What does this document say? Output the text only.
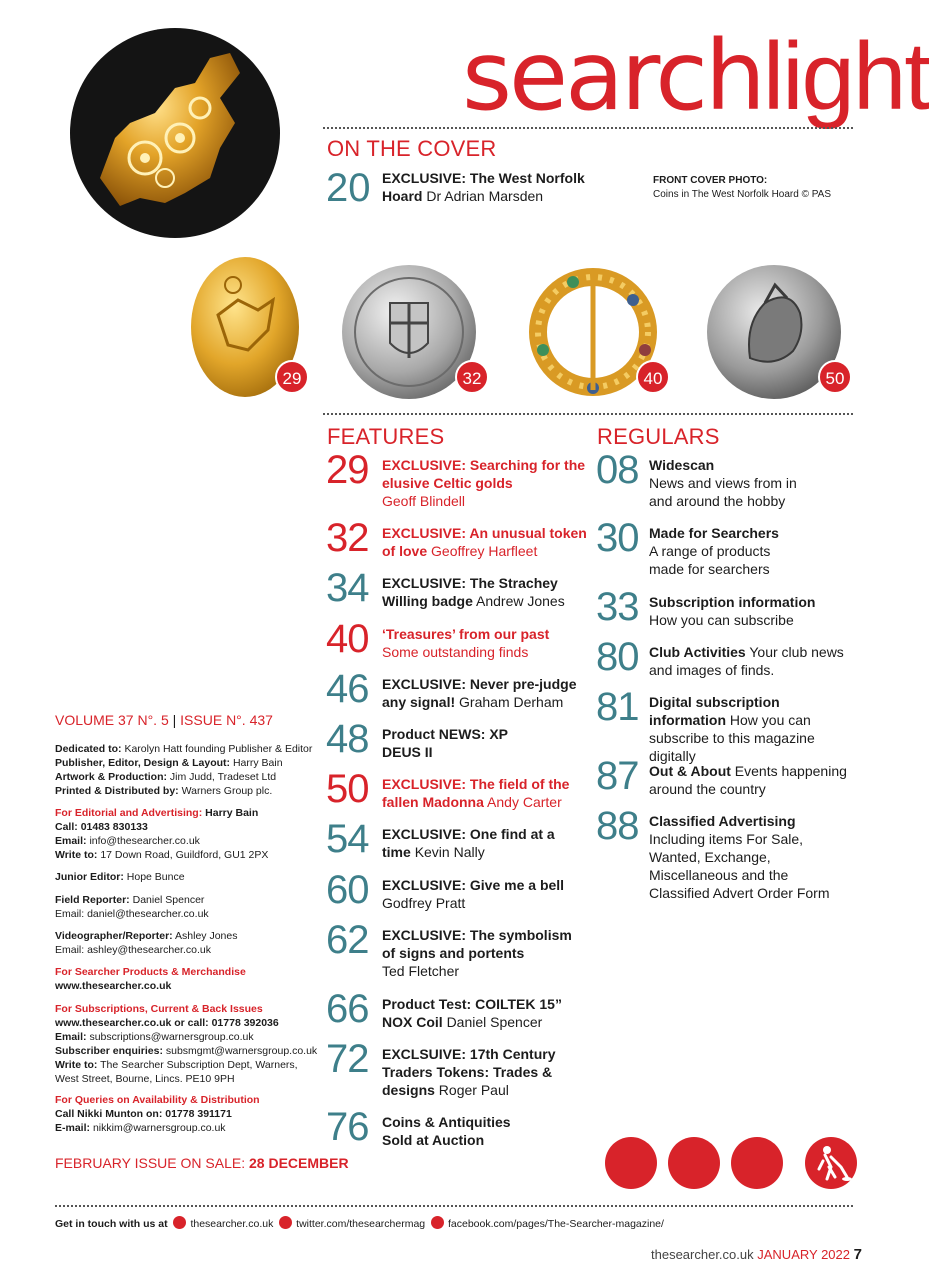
searchlight
ON THE COVER
20 EXCLUSIVE: The West Norfolk Hoard Dr Adrian Marsden
FRONT COVER PHOTO:
Coins in The West Norfolk Hoard © PAS
29	32	40	50
FEATURES
29 EXCLUSIVE: Searching for the elusive Celtic golds
Geoff Blindell
32 EXCLUSIVE: An unusual token of love Geoffrey Harfleet
34 EXCLUSIVE: The Strachey Willing badge Andrew Jones
40 ‘Treasures’ from our past
Some outstanding finds
46 EXCLUSIVE: Never pre-judge any signal! Graham Derham
48 Product NEWS: XP DEUS II
50 EXCLUSIVE: The field of the fallen Madonna Andy Carter
54 EXCLUSIVE: One find at a time Kevin Nally
60 EXCLUSIVE: Give me a bell
Godfrey Pratt
62 EXCLUSIVE: The symbolism of signs and portents
Ted Fletcher
66 Product Test: COILTEK 15” NOX Coil Daniel Spencer
72 EXCLSUIVE: 17th Century Traders Tokens: Trades & designs Roger Paul
76 Coins & Antiquities Sold at Auction
REGULARS
08 Widescan
News and views from in and around the hobby
30 Made for Searchers
A range of products made for searchers
33 Subscription information
How you can subscribe
80 Club Activities Your club news and images of finds.
81 Digital subscription information How you can subscribe to this magazine digitally
87 Out & About Events happening around the country
88 Classified Advertising
Including items For Sale, Wanted, Exchange, Miscellaneous and the Classified Advert Order Form
VOLUME 37 N°. 5 | ISSUE N°. 437
Dedicated to: Karolyn Hatt founding Publisher & Editor
Publisher, Editor, Design & Layout: Harry Bain
Artwork & Production: Jim Judd, Tradeset Ltd
Printed & Distributed by: Warners Group plc.
For Editorial and Advertising: Harry Bain
Call: 01483 830133
Email: info@thesearcher.co.uk
Write to: 17 Down Road, Guildford, GU1 2PX
Junior Editor: Hope Bunce
Field Reporter: Daniel Spencer
Email: daniel@thesearcher.co.uk
Videographer/Reporter: Ashley Jones
Email: ashley@thesearcher.co.uk
For Searcher Products & Merchandise
www.thesearcher.co.uk
For Subscriptions, Current & Back Issues
www.thesearcher.co.uk or call: 01778 392036
Email: subscriptions@warnersgroup.co.uk
Subscriber enquiries: subsmgmt@warnersgroup.co.uk
Write to: The Searcher Subscription Dept, Warners,
West Street, Bourne, Lincs. PE10 9PH
For Queries on Availability & Distribution
Call Nikki Munton on: 01778 391171
E-mail: nikkim@warnersgroup.co.uk
FEBRUARY ISSUE ON SALE: 28 DECEMBER
Get in touch with us at thesearcher.co.uk twitter.com/thesearchermag facebook.com/pages/The-Searcher-magazine/
thesearcher.co.uk JANUARY 2022 7
